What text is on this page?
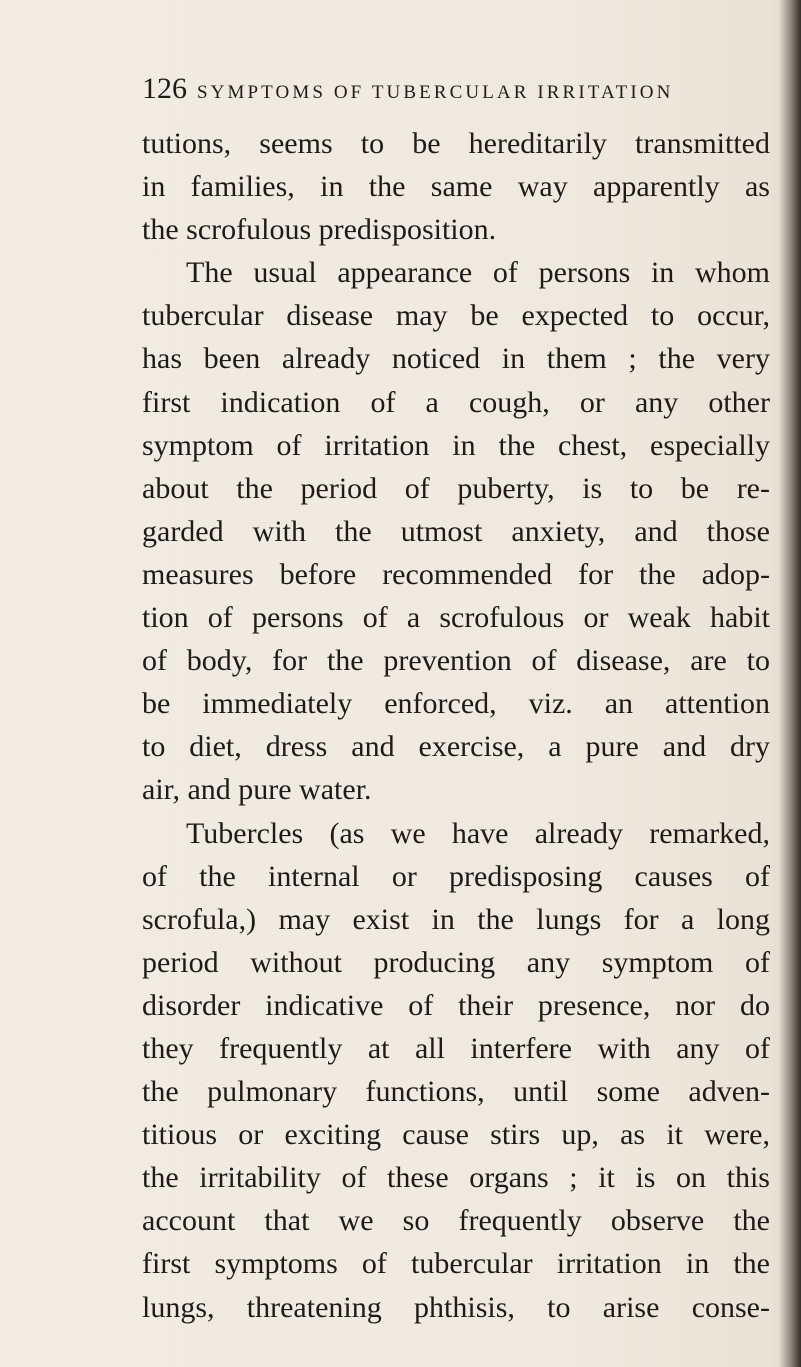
126 SYMPTOMS OF TUBERCULAR IRRITATION
tutions, seems to be hereditarily transmitted
in families, in the same way apparently as
the scrofulous predisposition.
The usual appearance of persons in whom
tubercular disease may be expected to occur,
has been already noticed in them ; the very
first indication of a cough, or any other
symptom of irritation in the chest, especially
about the period of puberty, is to be re-
garded with the utmost anxiety, and those
measures before recommended for the adop-
tion of persons of a scrofulous or weak habit
of body, for the prevention of disease, are to
be immediately enforced, viz. an attention
to diet, dress and exercise, a pure and dry
air, and pure water.
Tubercles (as we have already remarked,
of the internal or predisposing causes of
scrofula,) may exist in the lungs for a long
period without producing any symptom of
disorder indicative of their presence, nor do
they frequently at all interfere with any of
the pulmonary functions, until some adven-
titious or exciting cause stirs up, as it were,
the irritability of these organs ; it is on this
account that we so frequently observe the
first symptoms of tubercular irritation in the
lungs, threatening phthisis, to arise conse-
